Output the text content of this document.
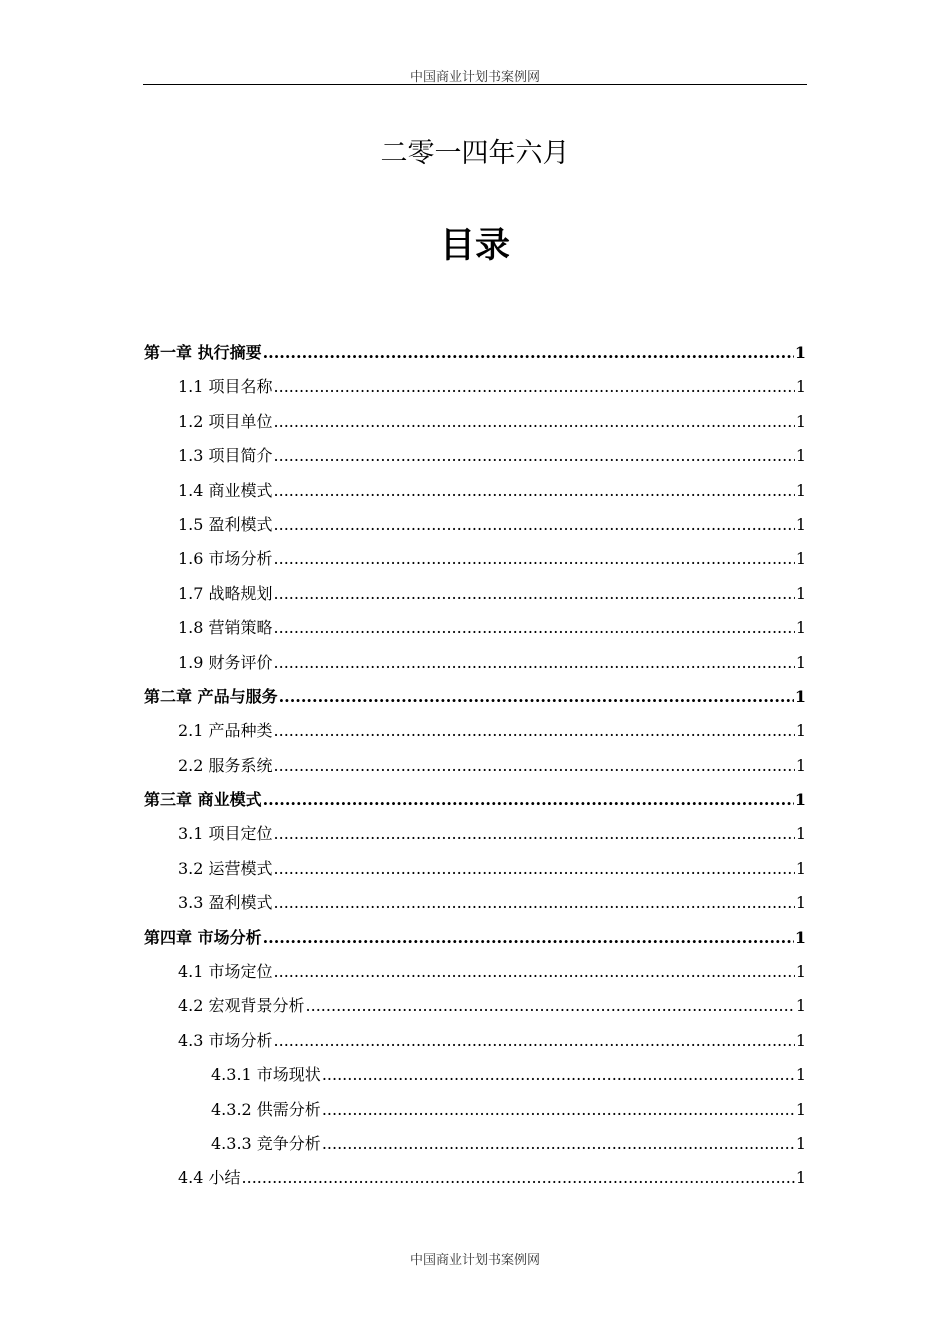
中国商业计划书案例网
二零一四年六月
目录
第一章 执行摘要 .....	1
1.1 项目名称 .....	1
1.2 项目单位 .....	1
1.3 项目简介 .....	1
1.4 商业模式 .....	1
1.5 盈利模式 .....	1
1.6 市场分析 .....	1
1.7 战略规划 .....	1
1.8 营销策略 .....	1
1.9 财务评价 .....	1
第二章 产品与服务 .....	1
2.1 产品种类 .....	1
2.2 服务系统 .....	1
第三章 商业模式 .....	1
3.1 项目定位 .....	1
3.2 运营模式 .....	1
3.3 盈利模式 .....	1
第四章 市场分析 .....	1
4.1 市场定位 .....	1
4.2 宏观背景分析 .....	1
4.3 市场分析 .....	1
4.3.1 市场现状 .....	1
4.3.2 供需分析 .....	1
4.3.3 竞争分析 .....	1
4.4 小结 .....	1
中国商业计划书案例网
